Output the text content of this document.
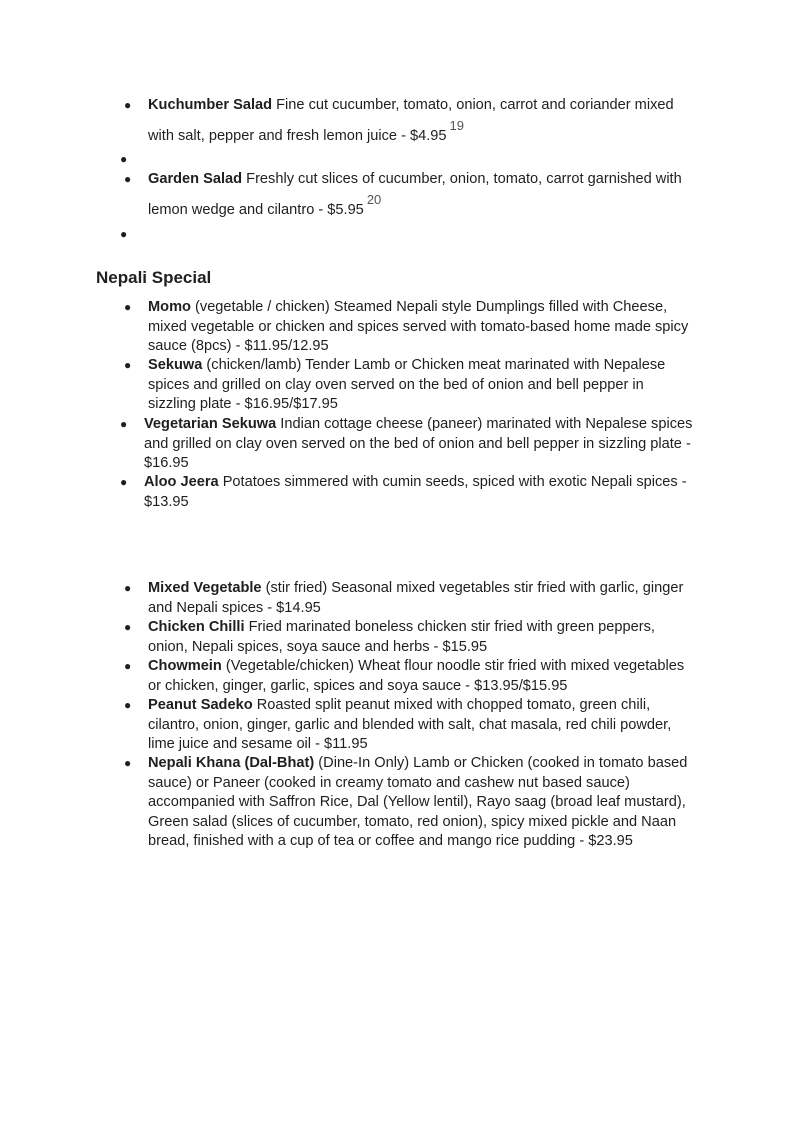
● Kuchumber Salad Fine cut cucumber, tomato, onion, carrot and coriander mixed
with salt, pepper and fresh lemon juice - $4.9519
●
● Garden Salad Freshly cut slices of cucumber, onion, tomato, carrot garnished with
lemon wedge and cilantro - $5.9520
●
Nepali Special
● Momo (vegetable / chicken) Steamed Nepali style Dumplings filled with Cheese, mixed vegetable or chicken and spices served with tomato-based home made spicy sauce (8pcs) - $11.95/12.95
● Sekuwa (chicken/lamb) Tender Lamb or Chicken meat marinated with Nepalese spices and grilled on clay oven served on the bed of onion and bell pepper in sizzling plate - $16.95/$17.95
● Vegetarian Sekuwa Indian cottage cheese (paneer) marinated with Nepalese spices and grilled on clay oven served on the bed of onion and bell pepper in sizzling plate - $16.95
● Aloo Jeera Potatoes simmered with cumin seeds, spiced with exotic Nepali spices - $13.95
● Mixed Vegetable (stir fried) Seasonal mixed vegetables stir fried with garlic, ginger and Nepali spices - $14.95
● Chicken Chilli Fried marinated boneless chicken stir fried with green peppers, onion, Nepali spices, soya sauce and herbs - $15.95
● Chowmein (Vegetable/chicken) Wheat flour noodle stir fried with mixed vegetables or chicken, ginger, garlic, spices and soya sauce - $13.95/$15.95
● Peanut Sadeko Roasted split peanut mixed with chopped tomato, green chili, cilantro, onion, ginger, garlic and blended with salt, chat masala, red chili powder, lime juice and sesame oil - $11.95
● Nepali Khana (Dal-Bhat) (Dine-In Only) Lamb or Chicken (cooked in tomato based sauce) or Paneer (cooked in creamy tomato and cashew nut based sauce) accompanied with Saffron Rice, Dal (Yellow lentil), Rayo saag (broad leaf mustard), Green salad (slices of cucumber, tomato, red onion), spicy mixed pickle and Naan bread, finished with a cup of tea or coffee and mango rice pudding - $23.95
